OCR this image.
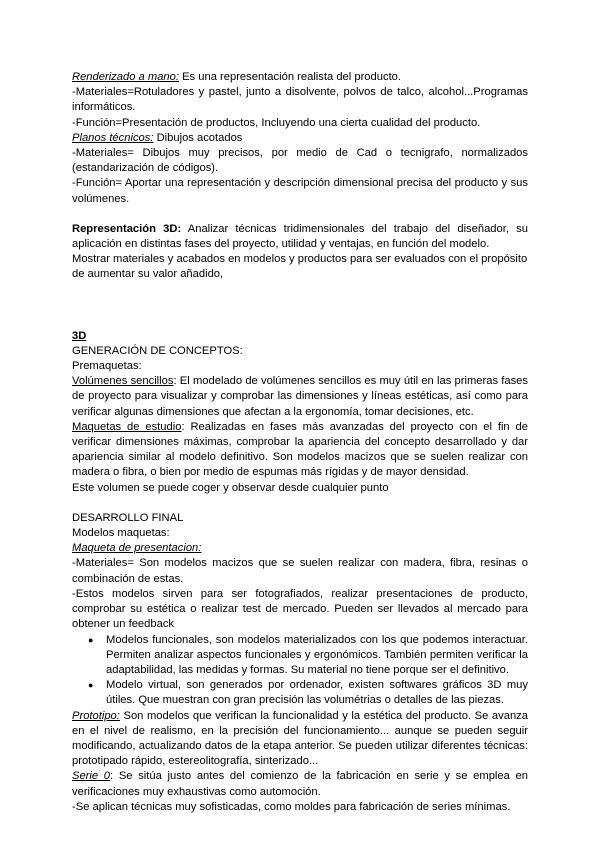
Renderizado a mano: Es una representación realista del producto.

-Materiales=Rotuladores y pastel, junto a disolvente, polvos de talco, alcohol...Programas informáticos.

-Función=Presentación de productos, Incluyendo una cierta cualidad del producto.

Planos técnicos: Dibujos acotados

-Materiales= Dibujos muy precisos, por medio de Cad o tecnigrafo, normalizados (estandarización de códigos).

-Función= Aportar una representación y descripción dimensional precisa del producto y sus volúmenes.

Representación 3D: Analizar técnicas tridimensionales del trabajo del diseñador, su aplicación en distintas fases del proyecto, utilidad y ventajas, en función del modelo.

Mostrar materiales y acabados en modelos y productos para ser evaluados con el propósito de aumentar su valor añadido,

3D

GENERACIÓN DE CONCEPTOS:

Premaquetas:

Volúmenes sencillos: El modelado de volúmenes sencillos es muy útil en las primeras fases de proyecto para visualizar y comprobar las dimensiones y líneas estéticas, así como para verificar algunas dimensiones que afectan a la ergonomía, tomar decisiones, etc.

Maquetas de estudio: Realizadas en fases más avanzadas del proyecto con el fin de verificar dimensiones máximas, comprobar la apariencia del concepto desarrollado y dar apariencia similar al modelo definitivo. Son modelos macizos que se suelen realizar con madera o fibra, o bien por medio de espumas más rígidas y de mayor densidad.

Este volumen se puede coger y observar desde cualquier punto

DESARROLLO FINAL

Modelos maquetas:

Maqueta de presentacion:

-Materiales= Son modelos macizos que se suelen realizar con madera, fibra, resinas o combinación de estas.

-Estos modelos sirven para ser fotografiados, realizar presentaciones de producto, comprobar su estética o realizar test de mercado. Pueden ser llevados al mercado para obtener un feedback

● Modelos funcionales, son modelos materializados con los que podemos interactuar. Permiten analizar aspectos funcionales y ergonómicos. También permiten verificar la adaptabilidad, las medidas y formas. Su material no tiene porque ser el definitivo.
● Modelo virtual, son generados por ordenador, existen softwares gráficos 3D muy útiles. Que muestran con gran precisión las volumétrias o detalles de las piezas.

Prototipo: Son modelos que verifican la funcionalidad y la estética del producto. Se avanza en el nivel de realismo, en la precisión del funcionamiento... aunque se pueden seguir modificando, actualizando datos de la etapa anterior. Se pueden utilizar diferentes técnicas: prototipado rápido, estereolitografía, sinterizado...

Serie 0: Se sitúa justo antes del comienzo de la fabricación en serie y se emplea en verificaciones muy exhaustivas como automoción.

-Se aplican técnicas muy sofisticadas, como moldes para fabricación de series mínimas.
